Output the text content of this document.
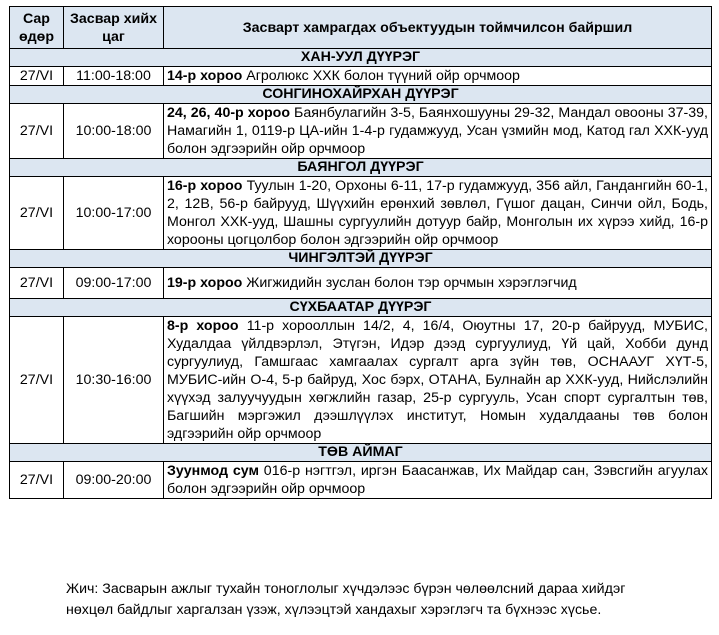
Сар өдөр	Засвар хийх цаг	Засварт хамрагдах объектуудын тоймчилсон байршил
ХАН-УУЛ ДҮҮРЭГ		
27/VI	11:00-18:00	14-р хороо Агролюкс ХХК болон түүний ойр орчмоор
СОНГИНОХАЙРХАН ДҮҮРЭГ		
27/VI	10:00-18:00	24, 26, 40-р хороо Баянбулагийн 3-5, Баянхошууны 29-32, Мандал овооны 37-39, Намагийн 1, 0119-р ЦА-ийн 1-4-р гудамжууд, Усан үзмийн мод, Катод гал ХХК-ууд болон эдгээрийн ойр орчмоор
БАЯНГОЛ ДҮҮРЭГ		
27/VI	10:00-17:00	16-р хороо Туулын 1-20, Орхоны 6-11, 17-р гудамжууд, 356 айл, Гандангийн 60-1, 2, 12В, 56-р байрууд, Шүүхийн ерөнхий зөвлөл, Гүшог дацан, Синчи ойл, Бодь, Монгол ХХК-ууд, Шашны сургуулийн дотуур байр, Монголын их хүрээ хийд, 16-р хорооны цогцолбор болон эдгээрийн ойр орчмоор
ЧИНГЭЛТЭЙ ДҮҮРЭГ		
27/VI	09:00-17:00	19-р хороо Жигжидийн зуслан болон тэр орчмын хэрэглэгчид
СҮХБААТАР ДҮҮРЭГ		
27/VI	10:30-16:00	8-р хороо 11-р хорооллын 14/2, 4, 16/4, Оюутны 17, 20-р байрууд, МУБИС, Худалдаа үйлдвэрлэл, Этүгэн, Идэр дээд сургуулиуд, Үй цай, Хобби дунд сургуулиуд, Гамшгаас хамгаалах сургалт арга зүйн төв, ОСНААУГ ХҮТ-5, МУБИС-ийн О-4, 5-р байруд, Хос бэрх, ОТАНА, Булнайн ар ХХК-ууд, Нийслэлийн хүүхэд залуучуудын хөгжлийн газар, 25-р сургууль, Усан спорт сургалтын төв, Багшийн мэргэжил дээшлүүлэх институт, Номын худалдааны төв болон эдгээрийн ойр орчмоор
ТӨВ АЙМАГ		
27/VI	09:00-20:00	Зуунмод сум 016-р нэгтгэл, иргэн Баасанжав, Их Майдар сан, Зэвсгийн агуулах болон эдгээрийн ойр орчмоор
Жич: Засварын ажлыг тухайн тоноглолыг хүчдэлээс бүрэн чөлөөлсний дараа хийдэг
нөхцөл байдлыг харгалзан үзэж, хүлээцтэй хандахыг хэрэглэгч та бүхнээс хүсье.
